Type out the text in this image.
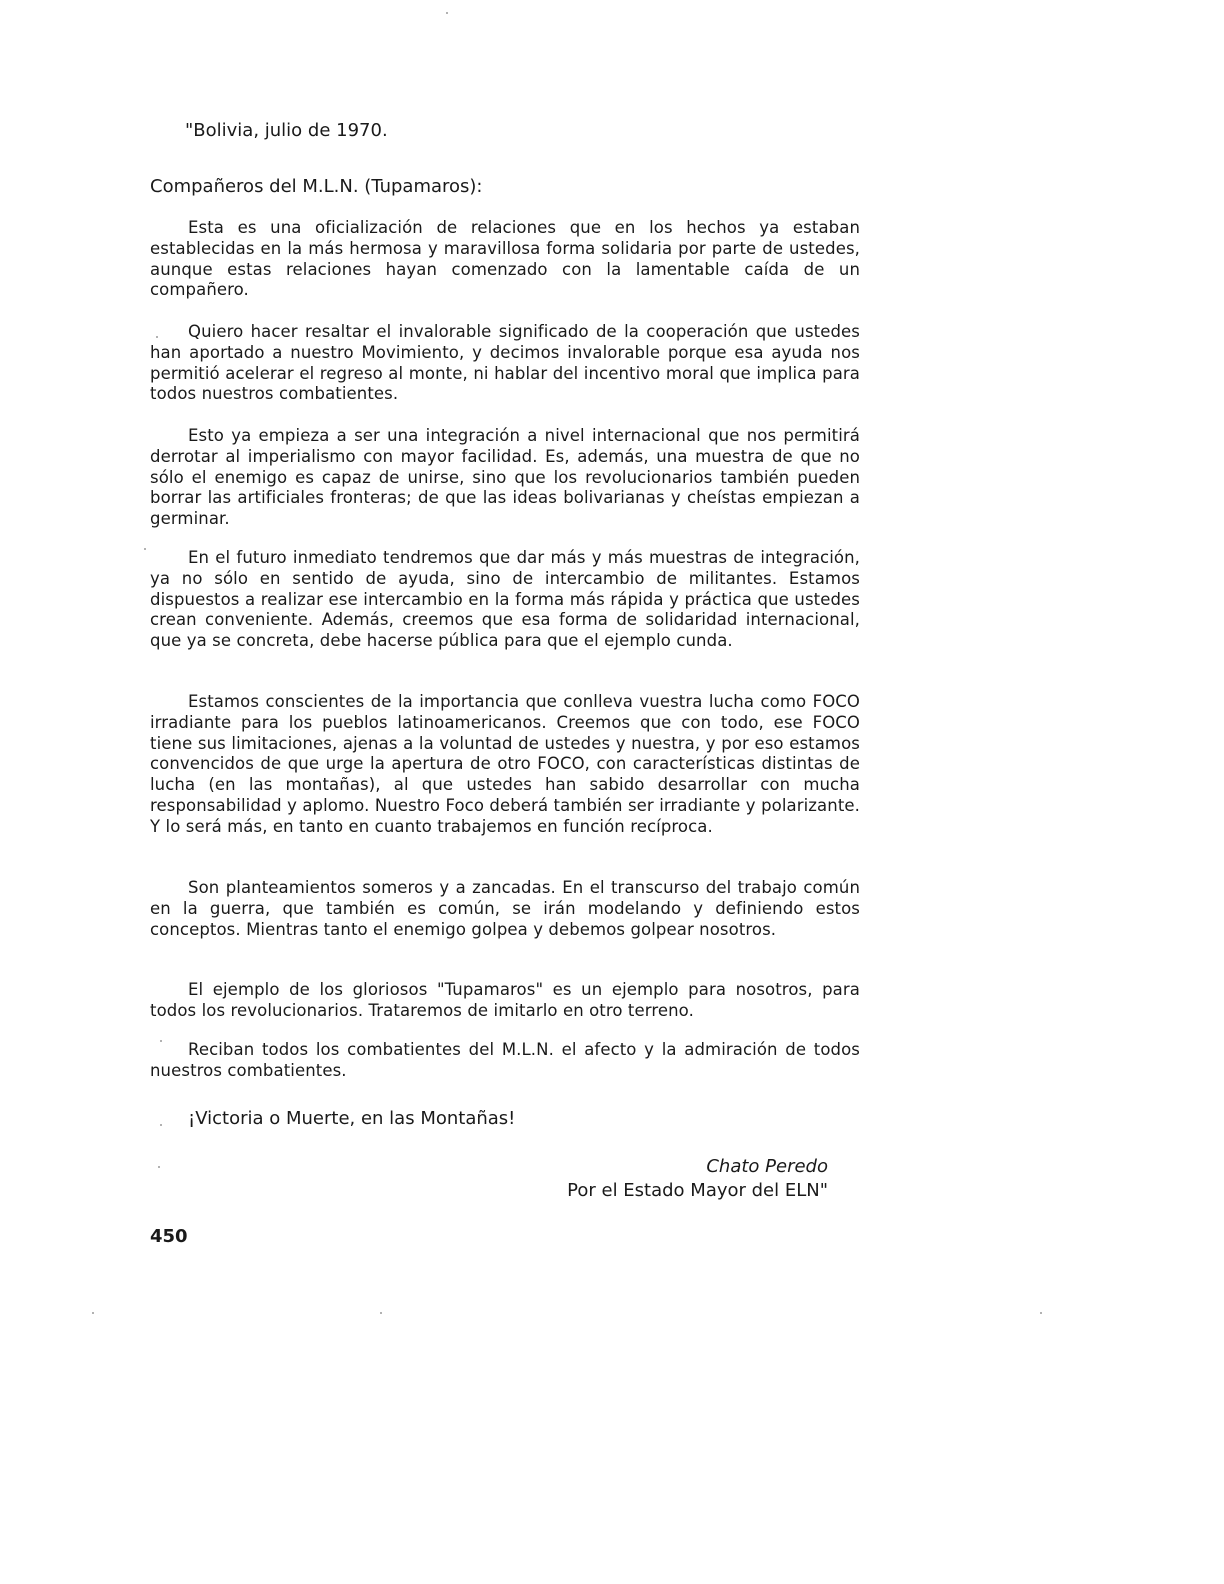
"Bolivia, julio de 1970.
Compañeros del M.L.N. (Tupamaros):
Esta es una oficialización de relaciones que en los hechos ya estaban establecidas en la más hermosa y maravillosa forma solidaria por parte de ustedes, aunque estas relaciones hayan comenzado con la lamentable caída de un compañero.
Quiero hacer resaltar el invalorable significado de la cooperación que ustedes han aportado a nuestro Movimiento, y decimos invalorable porque esa ayuda nos permitió acelerar el regreso al monte, ni hablar del incentivo moral que implica para todos nuestros combatientes.
Esto ya empieza a ser una integración a nivel internacional que nos permitirá derrotar al imperialismo con mayor facilidad. Es, además, una muestra de que no sólo el enemigo es capaz de unirse, sino que los revolucionarios también pueden borrar las artificiales fronteras; de que las ideas bolivarianas y cheístas empiezan a germinar.
En el futuro inmediato tendremos que dar más y más muestras de integración, ya no sólo en sentido de ayuda, sino de intercambio de militantes. Estamos dispuestos a realizar ese intercambio en la forma más rápida y práctica que ustedes crean conveniente. Además, creemos que esa forma de solidaridad internacional, que ya se concreta, debe hacerse pública para que el ejemplo cunda.
Estamos conscientes de la importancia que conlleva vuestra lucha como FOCO irradiante para los pueblos latinoamericanos. Creemos que con todo, ese FOCO tiene sus limitaciones, ajenas a la voluntad de ustedes y nuestra, y por eso estamos convencidos de que urge la apertura de otro FOCO, con características distintas de lucha (en las montañas), al que ustedes han sabido desarrollar con mucha responsabilidad y aplomo. Nuestro Foco deberá también ser irradiante y polarizante. Y lo será más, en tanto en cuanto trabajemos en función recíproca.
Son planteamientos someros y a zancadas. En el transcurso del trabajo común en la guerra, que también es común, se irán modelando y definiendo estos conceptos. Mientras tanto el enemigo golpea y debemos golpear nosotros.
El ejemplo de los gloriosos "Tupamaros" es un ejemplo para nosotros, para todos los revolucionarios. Trataremos de imitarlo en otro terreno.
Reciban todos los combatientes del M.L.N. el afecto y la admiración de todos nuestros combatientes.
¡Victoria o Muerte, en las Montañas!
Chato Peredo
Por el Estado Mayor del ELN"
450
